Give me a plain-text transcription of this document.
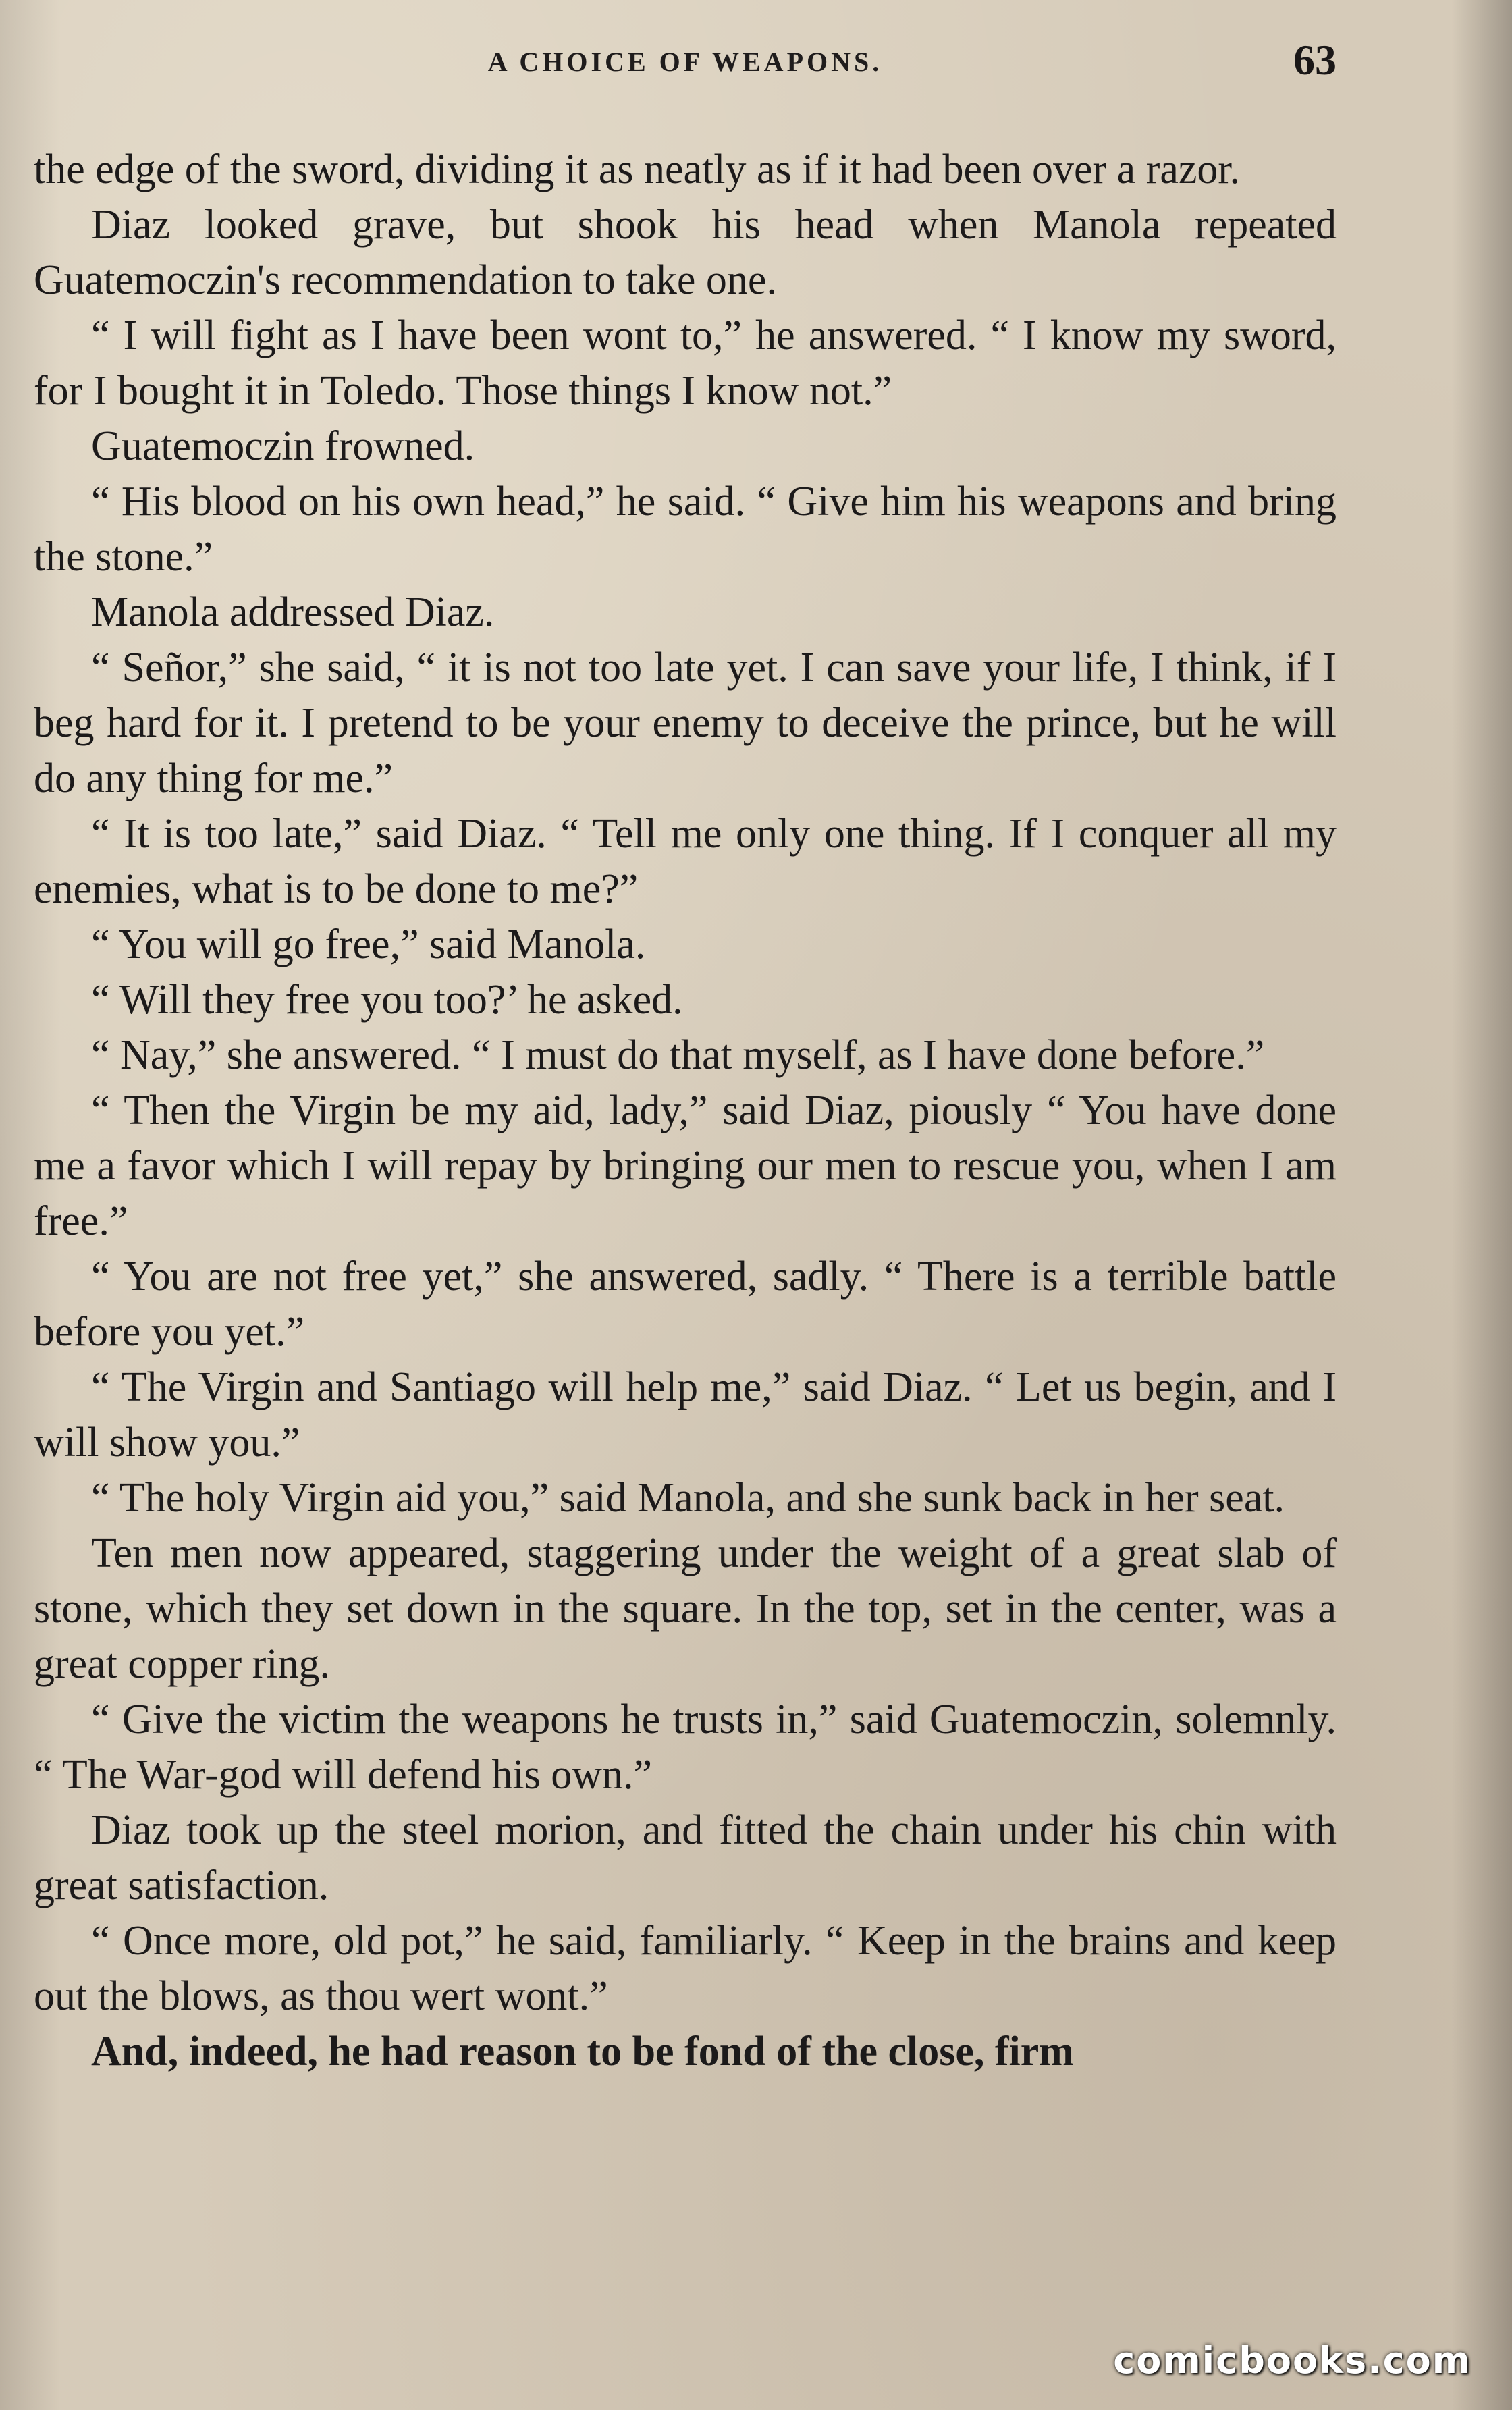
A CHOICE OF WEAPONS.	63

the edge of the sword, dividing it as neatly as if it had been over a razor.

Diaz looked grave, but shook his head when Manola repeated Guatemoczin's recommendation to take one.

“ I will fight as I have been wont to,” he answered. “ I know my sword, for I bought it in Toledo. Those things I know not.”

Guatemoczin frowned.

“ His blood on his own head,” he said. “ Give him his weapons and bring the stone.”

Manola addressed Diaz.

“ Señor,” she said, “ it is not too late yet. I can save your life, I think, if I beg hard for it. I pretend to be your enemy to deceive the prince, but he will do any thing for me.”

“ It is too late,” said Diaz. “ Tell me only one thing. If I conquer all my enemies, what is to be done to me?”

“ You will go free,” said Manola.

“ Will they free you too?’ he asked.

“ Nay,” she answered. “ I must do that myself, as I have done before.”

“ Then the Virgin be my aid, lady,” said Diaz, piously “ You have done me a favor which I will repay by bringing our men to rescue you, when I am free.”

“ You are not free yet,” she answered, sadly. “ There is a terrible battle before you yet.”

“ The Virgin and Santiago will help me,” said Diaz. “ Let us begin, and I will show you.”

“ The holy Virgin aid you,” said Manola, and she sunk back in her seat.

Ten men now appeared, staggering under the weight of a great slab of stone, which they set down in the square. In the top, set in the center, was a great copper ring.

“ Give the victim the weapons he trusts in,” said Guatemoczin, solemnly. “ The War-god will defend his own.”

Diaz took up the steel morion, and fitted the chain under his chin with great satisfaction.

“ Once more, old pot,” he said, familiarly. “ Keep in the brains and keep out the blows, as thou wert wont.”

And, indeed, he had reason to be fond of the close, firm

comicbooks.com
